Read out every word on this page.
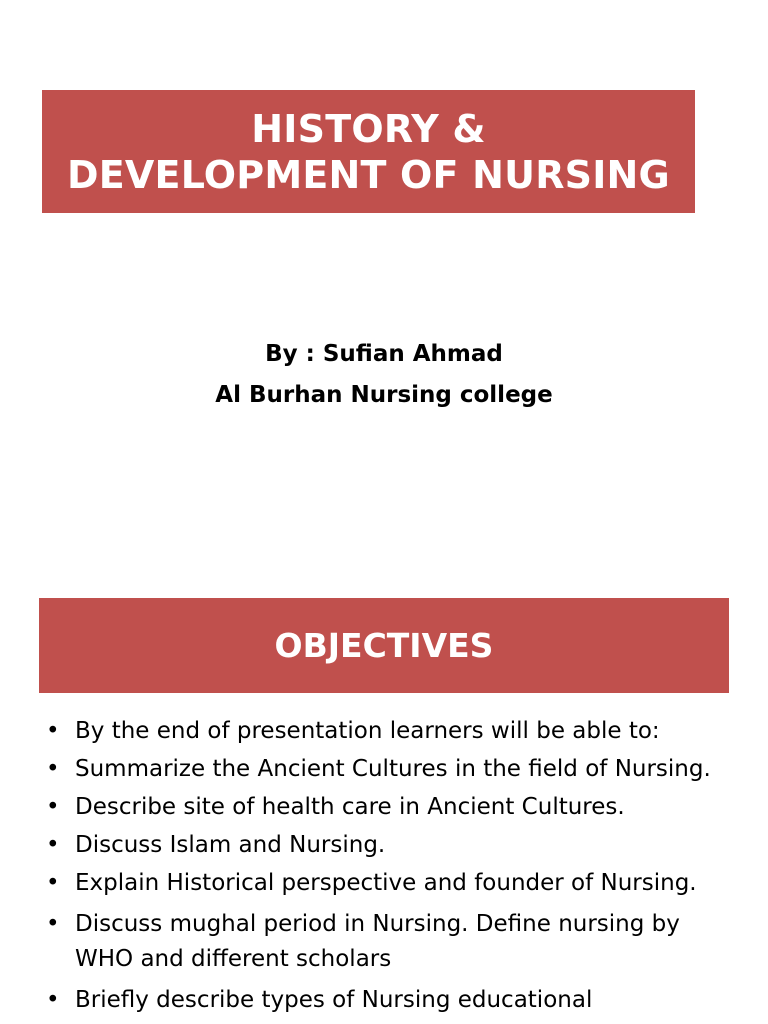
HISTORY &
DEVELOPMENT OF NURSING
By : Sufian Ahmad
Al Burhan Nursing college
OBJECTIVES
• By the end of presentation learners will be able to:
• Summarize the Ancient Cultures in the field of Nursing.
• Describe site of health care in Ancient Cultures.
• Discuss Islam and Nursing.
• Explain Historical perspective and founder of Nursing.
• Discuss mughal period in Nursing. Define nursing by WHO and different scholars
• Briefly describe types of Nursing educational
